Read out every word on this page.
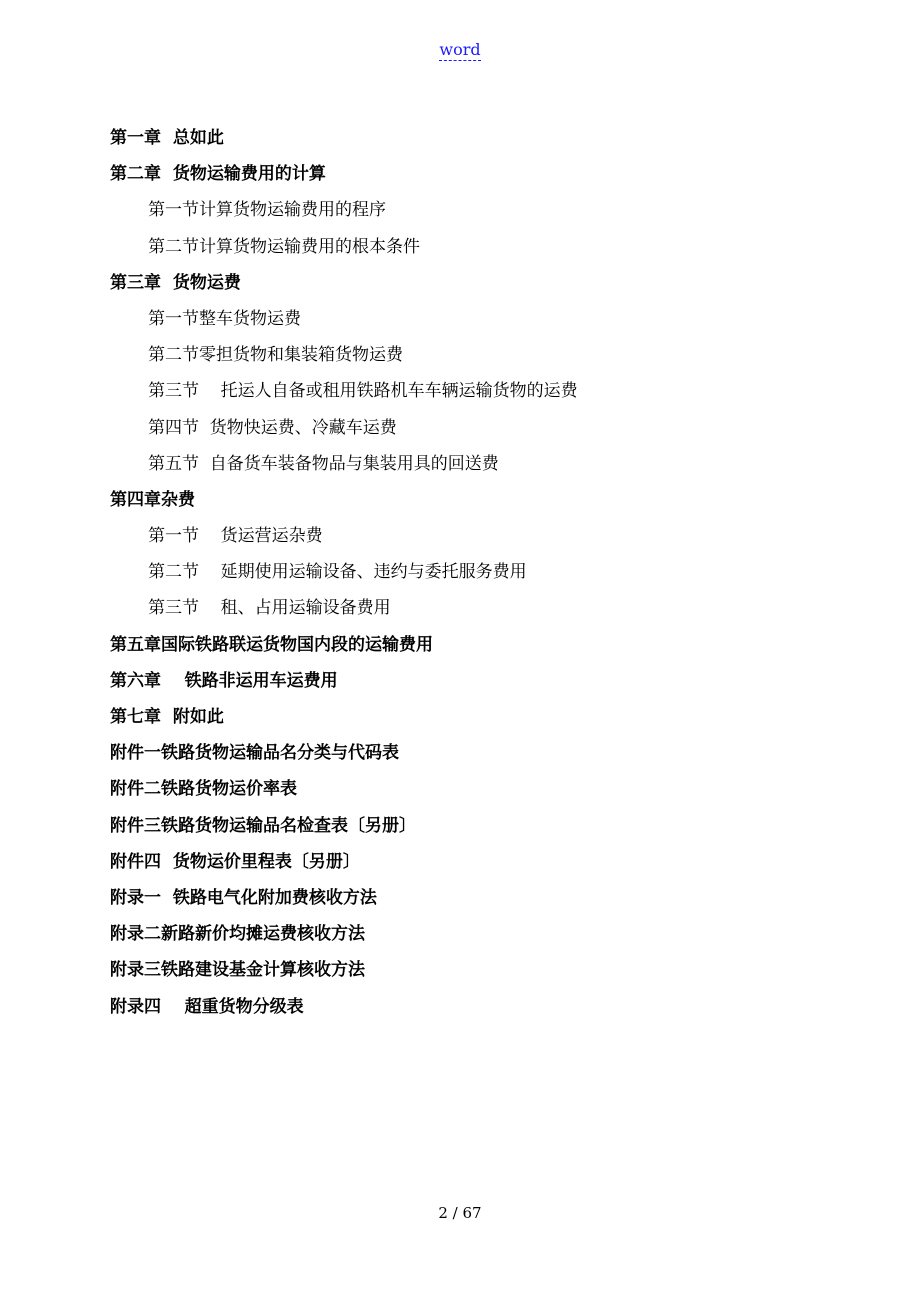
word
第一章  总如此
第二章  货物运输费用的计算
第一节计算货物运输费用的程序
第二节计算货物运输费用的根本条件
第三章  货物运费
第一节整车货物运费
第二节零担货物和集装箱货物运费
第三节    托运人自备或租用铁路机车车辆运输货物的运费
第四节  货物快运费、冷藏车运费
第五节  自备货车装备物品与集装用具的回送费
第四章杂费
第一节    货运营运杂费
第二节    延期使用运输设备、违约与委托服务费用
第三节    租、占用运输设备费用
第五章国际铁路联运货物国内段的运输费用
第六章    铁路非运用车运费用
第七章  附如此
附件一铁路货物运输品名分类与代码表
附件二铁路货物运价率表
附件三铁路货物运输品名检查表〔另册〕
附件四  货物运价里程表〔另册〕
附录一  铁路电气化附加费核收方法
附录二新路新价均摊运费核收方法
附录三铁路建设基金计算核收方法
附录四    超重货物分级表
2 / 67
